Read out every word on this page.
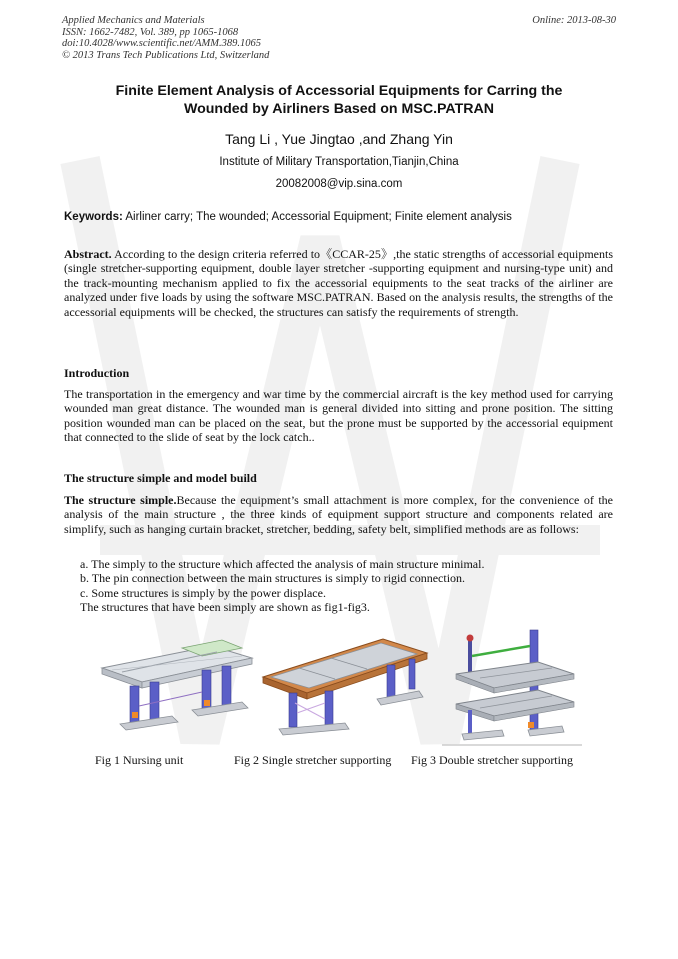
Applied Mechanics and Materials
ISSN: 1662-7482, Vol. 389, pp 1065-1068
doi:10.4028/www.scientific.net/AMM.389.1065
© 2013 Trans Tech Publications Ltd, Switzerland
Online: 2013-08-30
Finite Element Analysis of Accessorial Equipments for Carring the
Wounded by Airliners Based on MSC.PATRAN
Tang Li , Yue Jingtao ,and Zhang Yin
Institute of Military Transportation,Tianjin,China
20082008@vip.sina.com
Keywords: Airliner carry; The wounded; Accessorial Equipment; Finite element analysis
Abstract. According to the design criteria referred to《CCAR-25》,the static strengths of accessorial equipments (single stretcher-supporting equipment, double layer stretcher -supporting equipment and nursing-type unit) and the track-mounting mechanism applied to fix the accessorial equipments to the seat tracks of the airliner are analyzed under five loads by using the software MSC.PATRAN. Based on the analysis results, the strengths of the accessorial equipments will be checked, the structures can satisfy the requirements of strength.
Introduction
The transportation in the emergency and war time by the commercial aircraft is the key method used for carrying wounded man great distance. The wounded man is general divided into sitting and prone position. The sitting position wounded man can be placed on the seat, but the prone must be supported by the accessorial equipment that connected to the slide of seat by the lock catch..
The structure simple and model build
The structure simple.Because the equipment’s small attachment is more complex, for the convenience of the analysis of the main structure , the three kinds of equipment support structure and components related are simplify, such as hanging curtain bracket, stretcher, bedding, safety belt, simplified methods are as follows:
a. The simply to the structure which affected the analysis of main structure minimal.
b. The pin connection between the main structures is simply to rigid connection.
c. Some structures is simply by the power displace.
The structures that have been simply are shown as fig1-fig3.
Fig 1 Nursing unit	Fig 2 Single stretcher supporting Fig 3 Double stretcher supporting
